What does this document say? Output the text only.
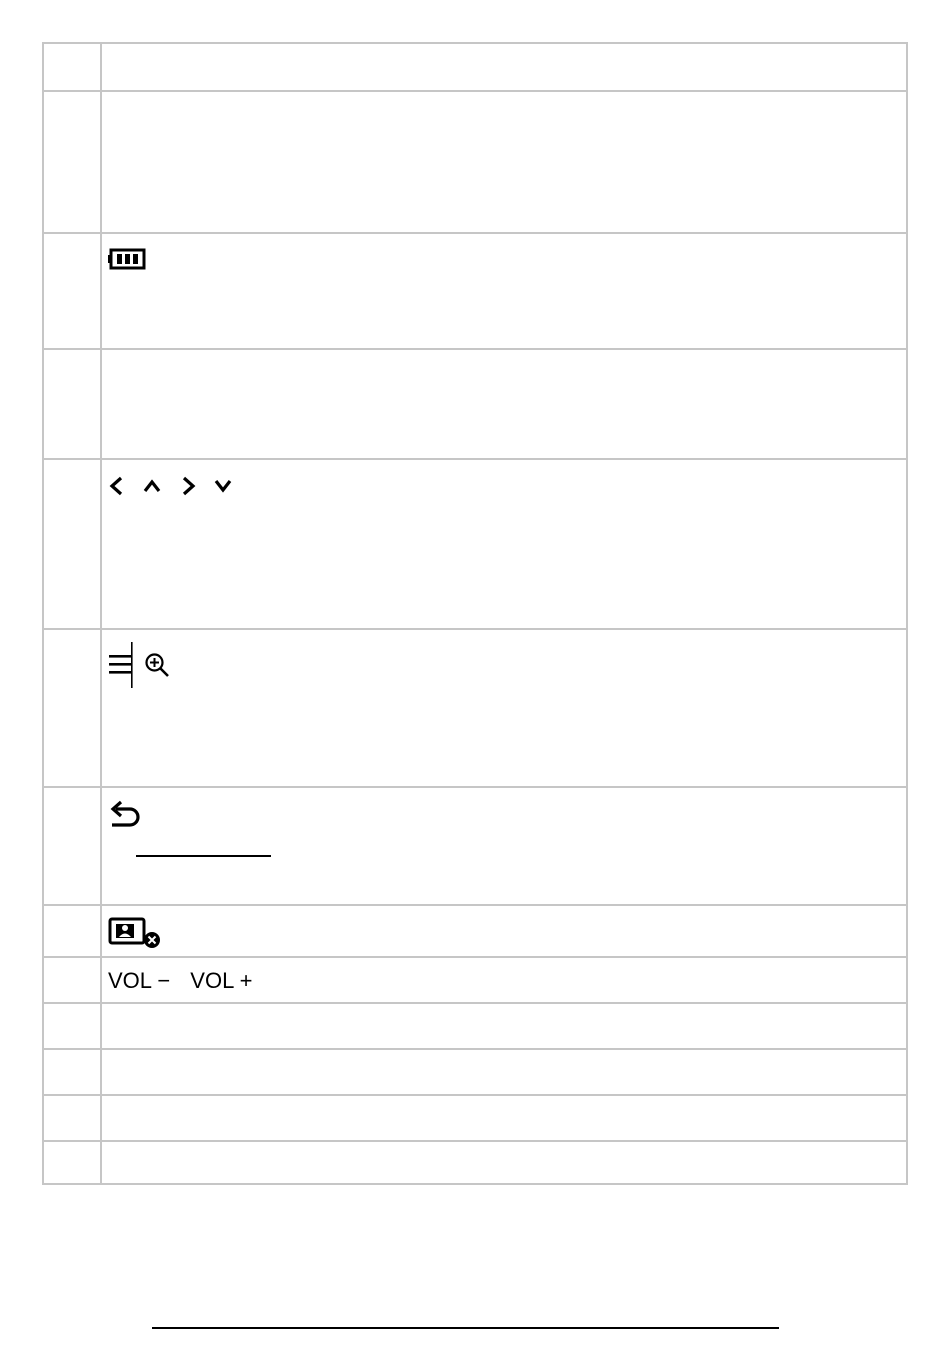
VOL − VOL +
